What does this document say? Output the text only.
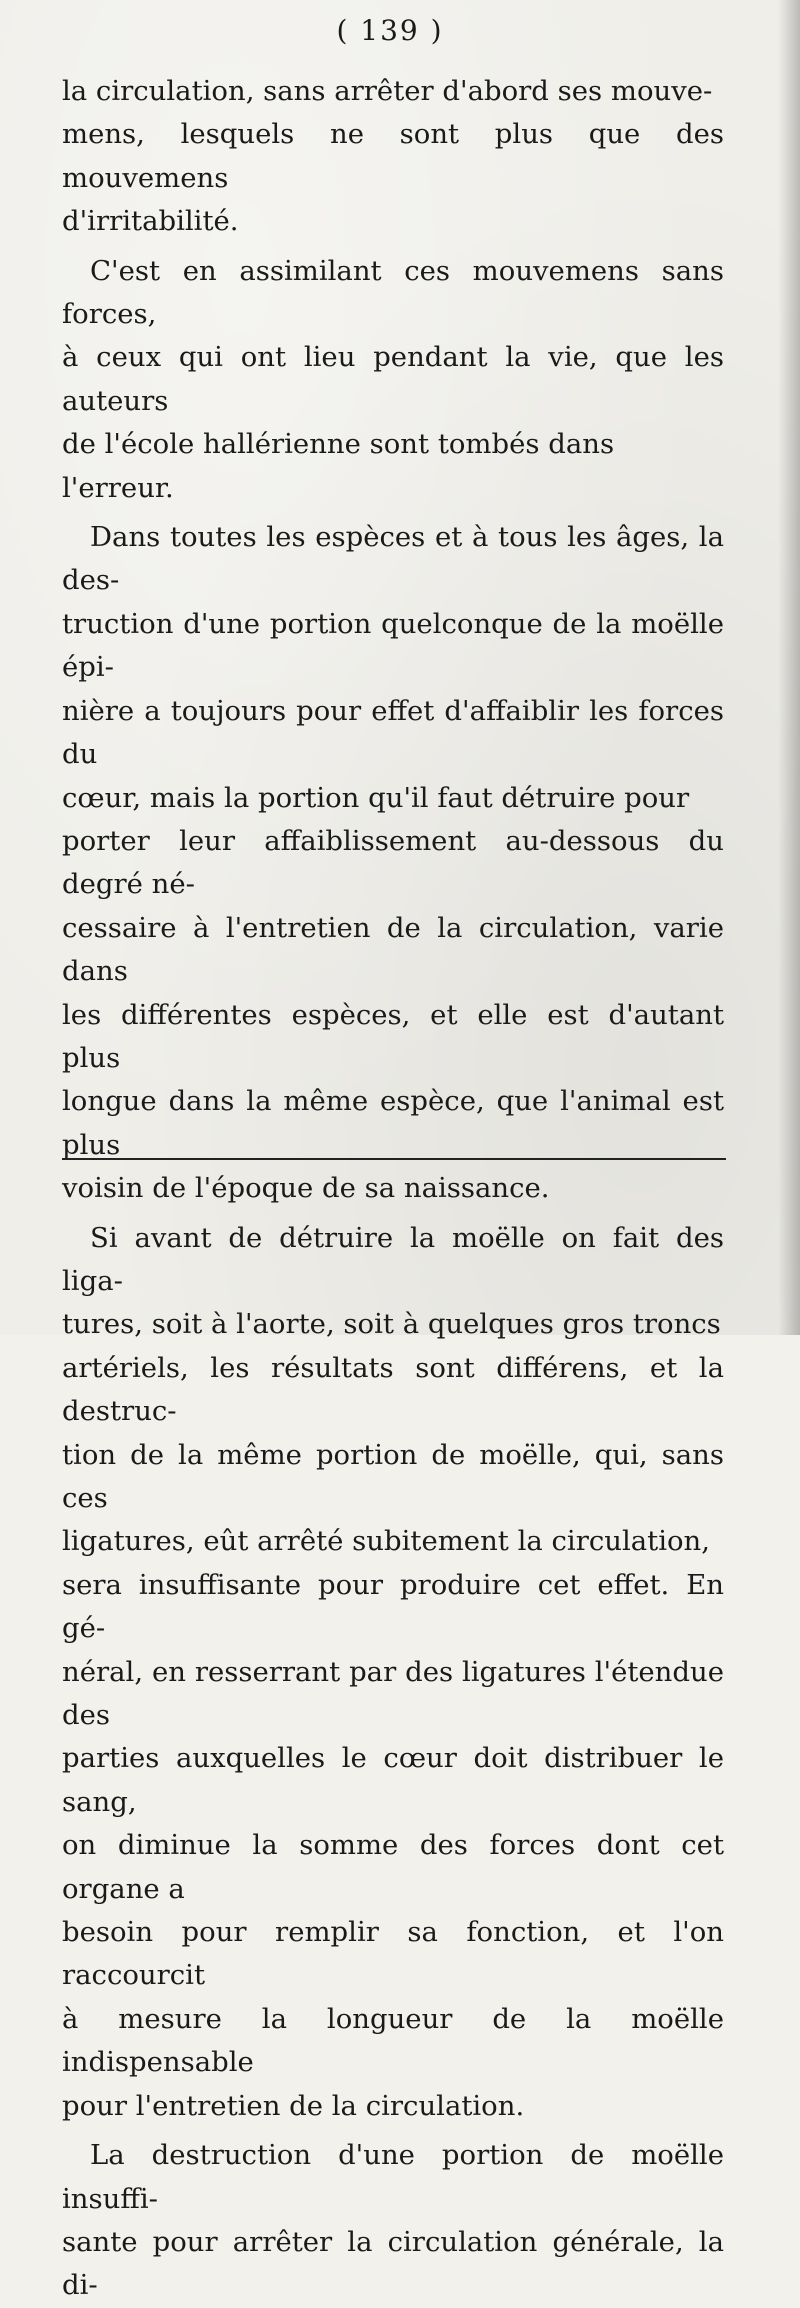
( 139 )

la circulation, sans arrêter d'abord ses mouve-

mens, lesquels ne sont plus que des mouvemens

d'irritabilité.

C'est en assimilant ces mouvemens sans forces,

à ceux qui ont lieu pendant la vie, que les auteurs

de l'école hallérienne sont tombés dans l'erreur.

Dans toutes les espèces et à tous les âges, la des-

truction d'une portion quelconque de la moëlle épi-

nière a toujours pour effet d'affaiblir les forces du

cœur, mais la portion qu'il faut détruire pour

porter leur affaiblissement au-dessous du degré né-

cessaire à l'entretien de la circulation, varie dans

les différentes espèces, et elle est d'autant plus

longue dans la même espèce, que l'animal est plus

voisin de l'époque de sa naissance.

Si avant de détruire la moëlle on fait des liga-

tures, soit à l'aorte, soit à quelques gros troncs

artériels, les résultats sont différens, et la destruc-

tion de la même portion de moëlle, qui, sans ces

ligatures, eût arrêté subitement la circulation,

sera insuffisante pour produire cet effet. En gé-

néral, en resserrant par des ligatures l'étendue des

parties auxquelles le cœur doit distribuer le sang,

on diminue la somme des forces dont cet organe a

besoin pour remplir sa fonction, et l'on raccourcit

à mesure la longueur de la moëlle indispensable

pour l'entretien de la circulation.

La destruction d'une portion de moëlle insuffi-

sante pour arrêter la circulation générale, la di-
